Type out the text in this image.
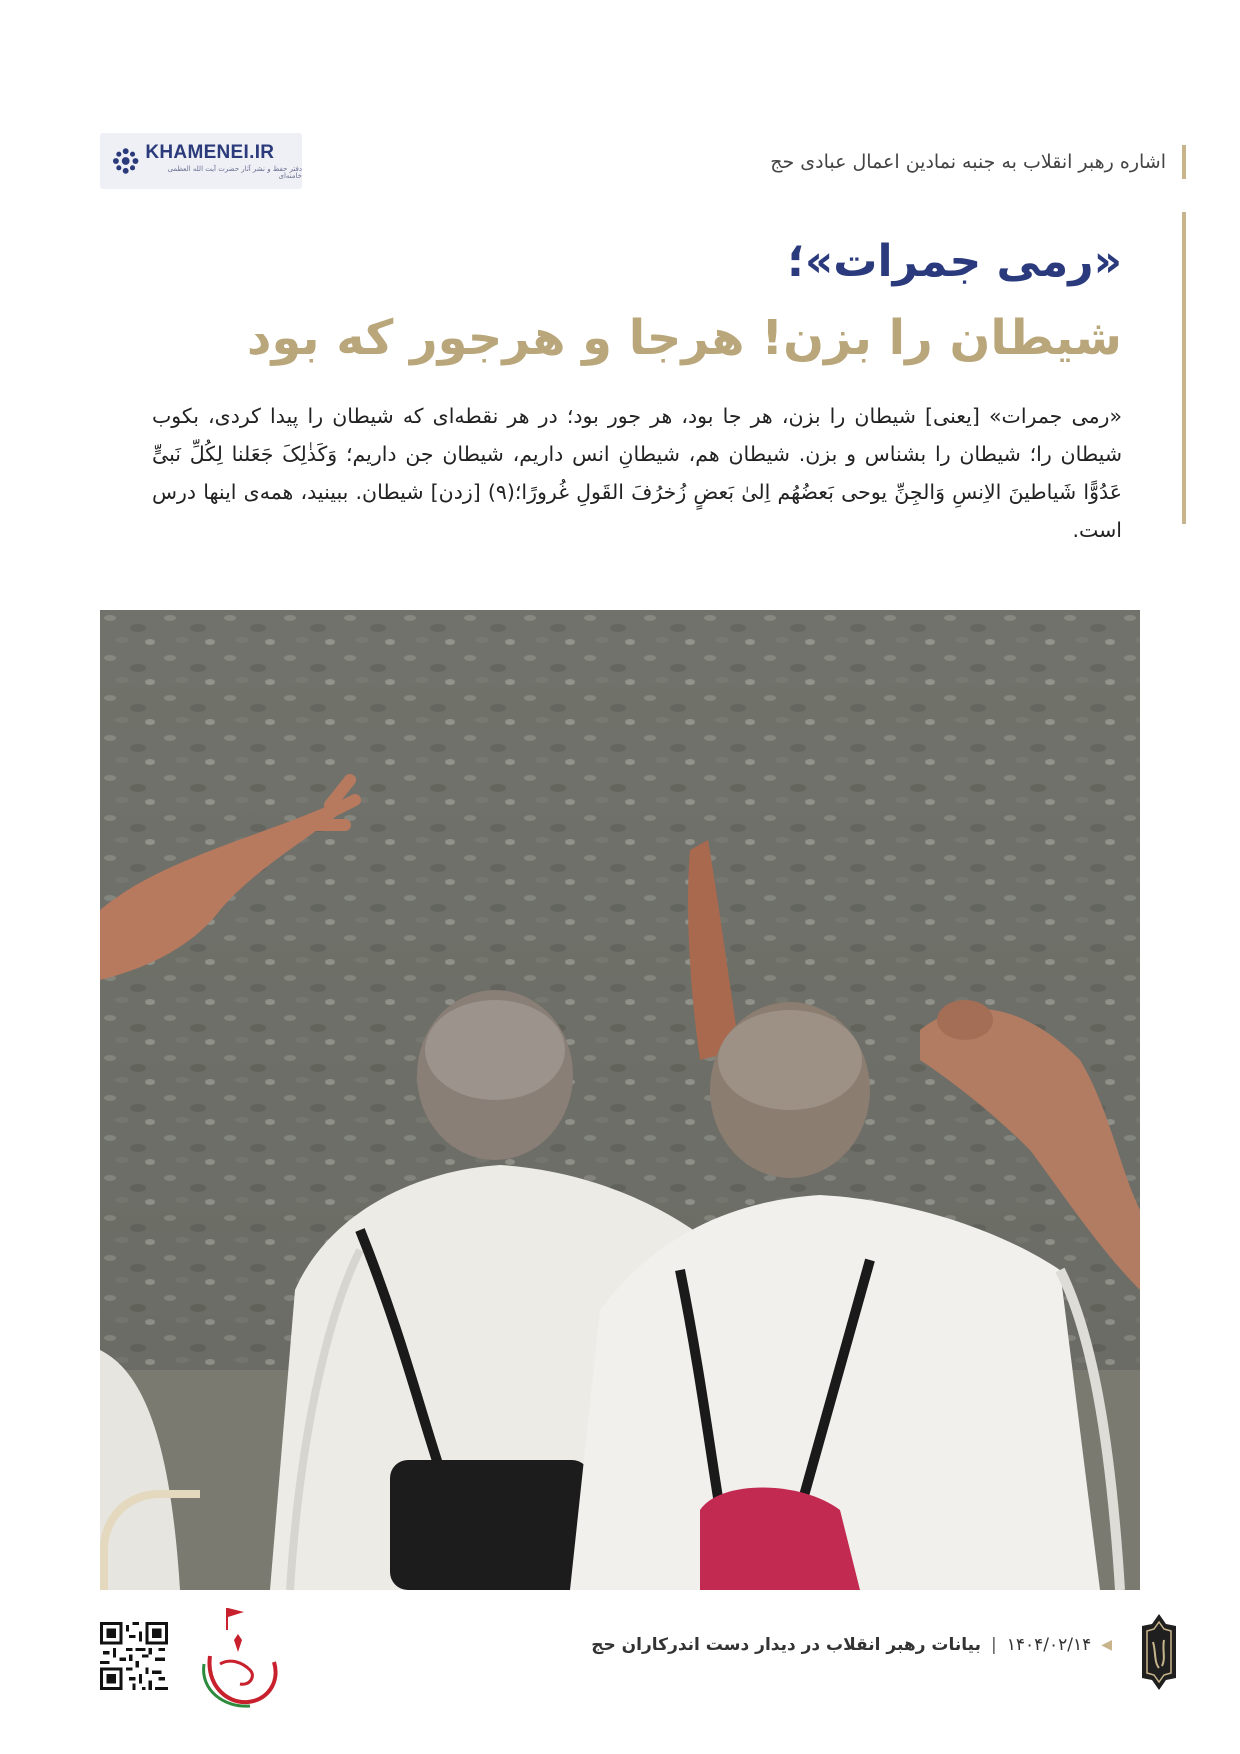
KHAMENEI.IR
دفتر حفظ و نشر آثار حضرت آیت الله العظمی خامنه‌ای
اشاره رهبر انقلاب به جنبه نمادین اعمال عبادی حج
«رمی جمرات»؛
شیطان را بزن! هرجا و هرجور که بود
«رمی جمرات» [یعنی] شیطان را بزن، هر جا بود، هر جور بود؛ در هر نقطه‌ای که شیطان را پیدا کردی، بکوب شیطان را؛ شیطان را بشناس و بزن. شیطان هم، شیطانِ انس داریم، شیطان جن داریم؛ وَکَذٰلِکَ جَعَلنا لِکُلِّ نَبیٍّ عَدُوًّا شَیاطینَ الاِنسِ وَالجِنِّ یوحی بَعضُهُم اِلیٰ بَعضٍ زُخرُفَ القَولِ غُرورًا؛(۹) [زدن] شیطان. ببینید، همه‌ی اینها درس است.
◀
۱۴۰۴/۰۲/۱۴
|
بیانات رهبر انقلاب در دیدار دست اندرکاران حج
